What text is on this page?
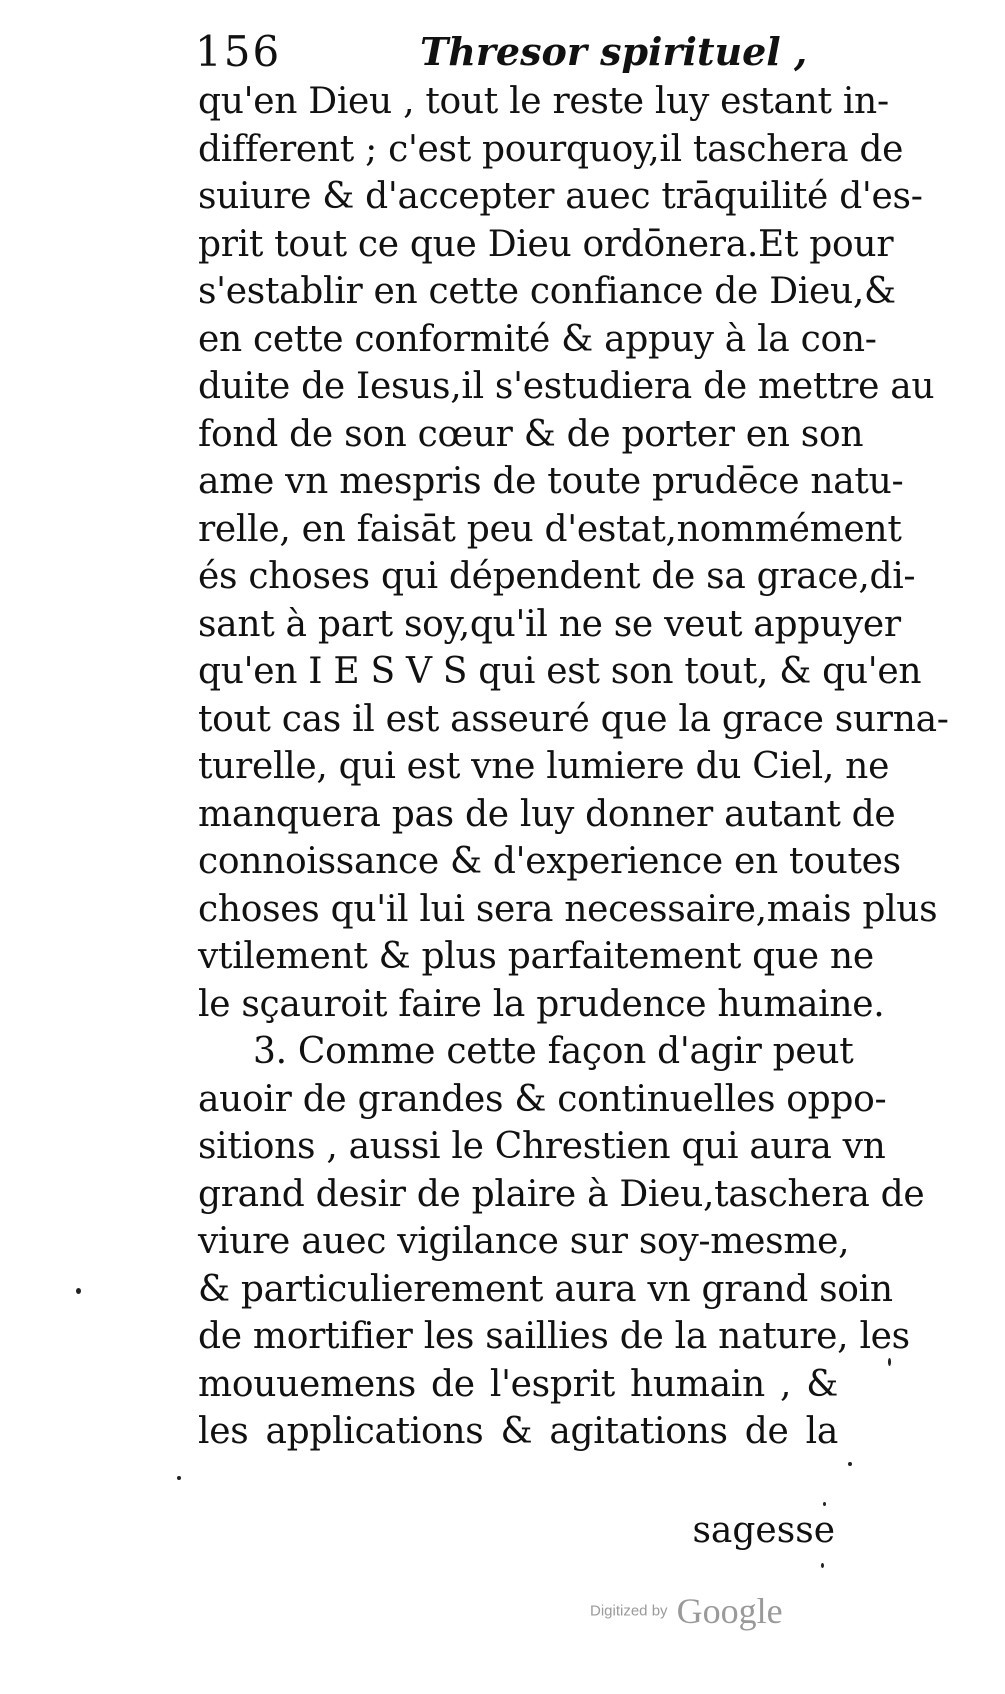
156	Thresor spirituel ,
qu'en Dieu , tout le reste luy estant in-
different ; c'est pourquoy,il taschera de
suiure & d'accepter auec trāquilité d'es-
prit tout ce que Dieu ordōnera.Et pour
s'establir en cette confiance de Dieu,&
en cette conformité & appuy à la con-
duite de Iesus,il s'estudiera de mettre au
fond de son cœur & de porter en son
ame vn mespris de toute prudēce natu-
relle, en faisāt peu d'estat,nommément
és choses qui dépendent de sa grace,di-
sant à part soy,qu'il ne se veut appuyer
qu'en I E S V S qui est son tout, & qu'en
tout cas il est asseuré que la grace surna-
turelle, qui est vne lumiere du Ciel, ne
manquera pas de luy donner autant de
connoissance & d'experience en toutes
choses qu'il lui sera necessaire,mais plus
vtilement & plus parfaitement que ne
le sçauroit faire la prudence humaine.
3. Comme cette façon d'agir peut
auoir de grandes & continuelles oppo-
sitions , aussi le Chrestien qui aura vn
grand desir de plaire à Dieu,taschera de
viure auec vigilance sur soy-mesme,
& particulierement aura vn grand soin
de mortifier les saillies de la nature, les
mouuemens de l'esprit humain , &
les applications & agitations de la
sagesse
Digitized by Google
